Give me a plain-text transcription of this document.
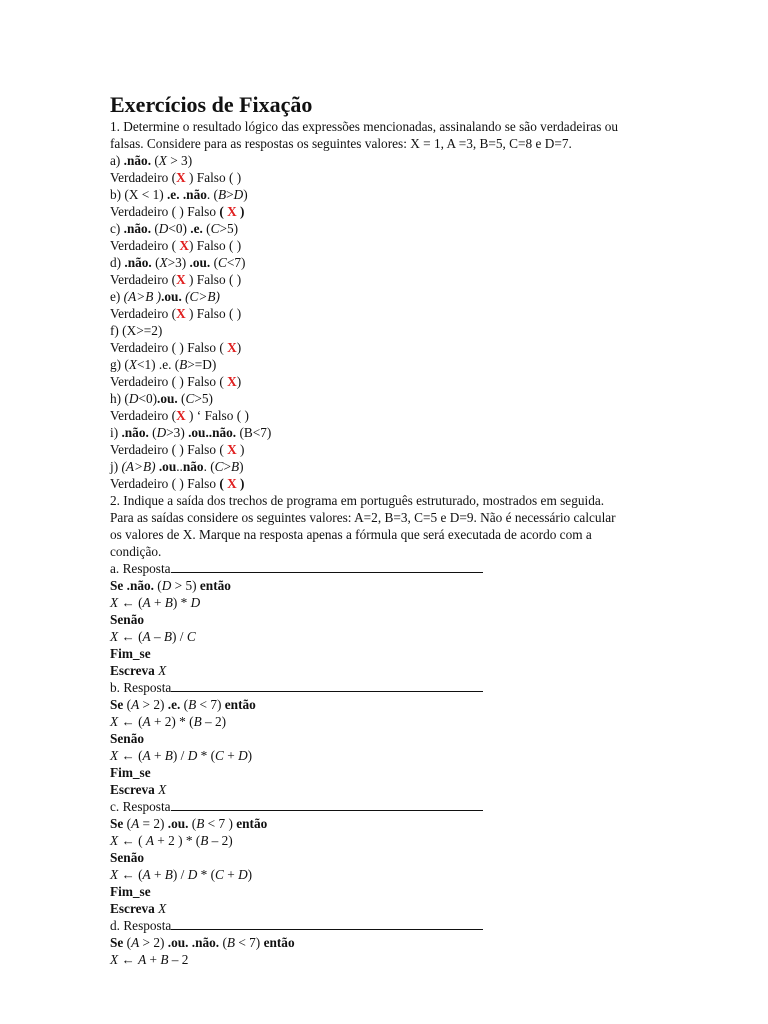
Exercícios de Fixação
1. Determine o resultado lógico das expressões mencionadas, assinalando se são verdadeiras ou falsas. Considere para as respostas os seguintes valores: X = 1, A =3, B=5, C=8 e D=7.
a) .não. (X > 3)
Verdadeiro (X ) Falso ( )
b) (X < 1) .e. .não. (B>D)
Verdadeiro ( ) Falso ( X )
c) .não. (D<0) .e. (C>5)
Verdadeiro ( X) Falso ( )
d) .não. (X>3) .ou. (C<7)
Verdadeiro (X ) Falso ( )
e) (A>B ).ou. (C>B)
Verdadeiro (X ) Falso ( )
f) (X>=2)
Verdadeiro ( ) Falso ( X)
g) (X<1) .e. (B>=D)
Verdadeiro ( ) Falso ( X)
h) (D<0).ou. (C>5)
Verdadeiro (X ) ‘ Falso ( )
i) .não. (D>3) .ou..não. (B<7)
Verdadeiro ( ) Falso ( X )
j) (A>B) .ou..não. (C>B)
Verdadeiro ( ) Falso ( X )
2. Indique a saída dos trechos de programa em português estruturado, mostrados em seguida. Para as saídas considere os seguintes valores: A=2, B=3, C=5 e D=9. Não é necessário calcular os valores de X. Marque na resposta apenas a fórmula que será executada de acordo com a condição.
a. Resposta
Se .não. (D > 5) então
X ← (A + B) * D
Senão
X ← (A – B) / C
Fim_se
Escreva X
b. Resposta
Se (A > 2) .e. (B < 7) então
X ← (A + 2) * (B – 2)
Senão
X ← (A + B) / D * (C + D)
Fim_se
Escreva X
c. Resposta
Se (A = 2) .ou. (B < 7 ) então
X ← ( A + 2 ) * (B – 2)
Senão
X ← (A + B) / D * (C + D)
Fim_se
Escreva X
d. Resposta
Se (A > 2) .ou. .não. (B < 7) então
X ← A + B – 2
